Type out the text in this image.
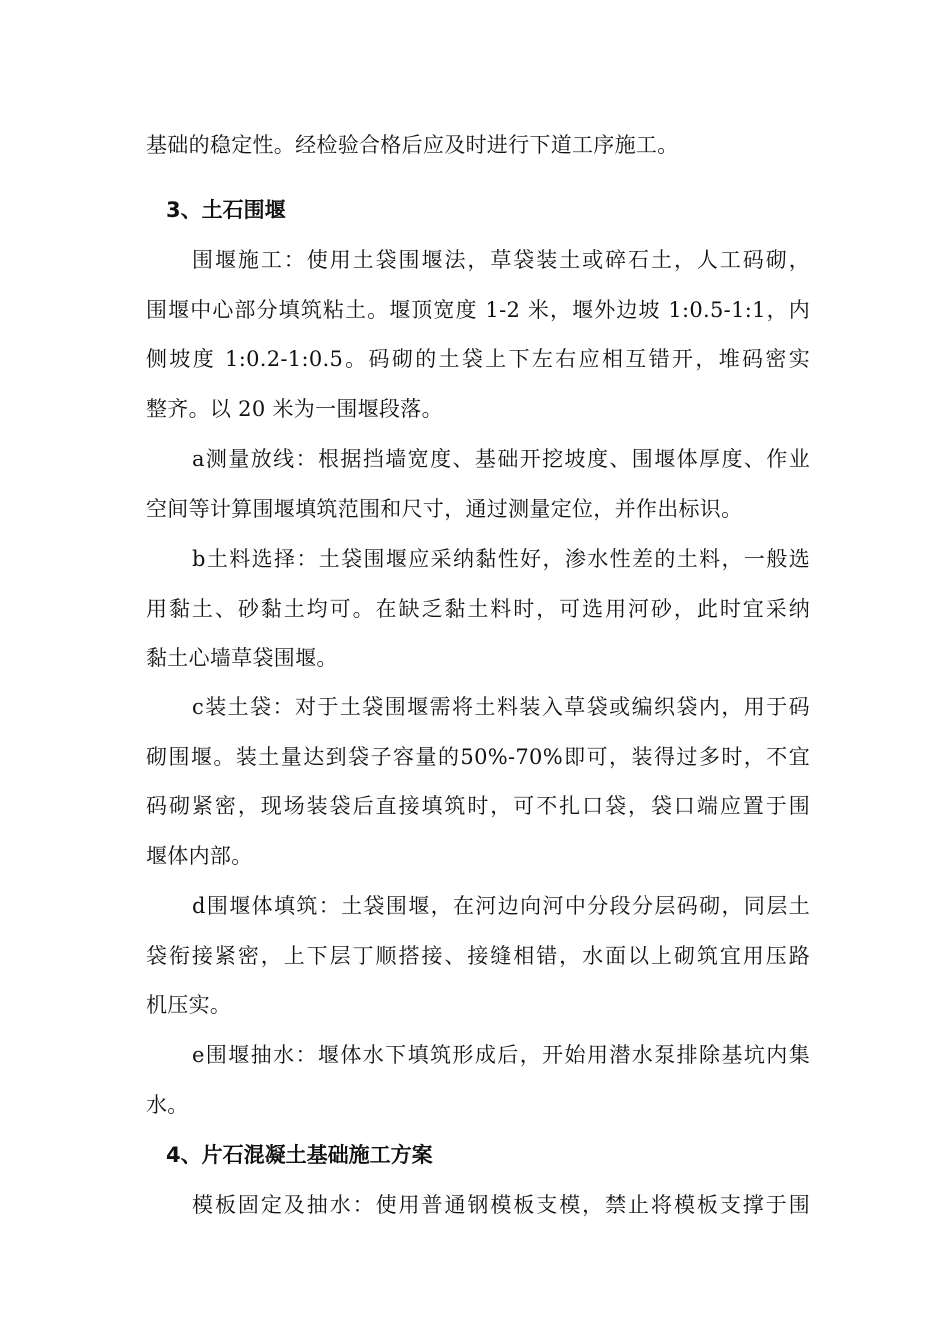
基础的稳定性。经检验合格后应及时进行下道工序施工。
3、土石围堰
围堰施工：使用土袋围堰法，草袋装土或碎石土，人工码砌，
围堰中心部分填筑粘土。堰顶宽度 1-2 米，堰外边坡 1:0.5-1:1，内
侧坡度 1:0.2-1:0.5。码砌的土袋上下左右应相互错开，堆码密实
整齐。以 20 米为一围堰段落。
a测量放线：根据挡墙宽度、基础开挖坡度、围堰体厚度、作业
空间等计算围堰填筑范围和尺寸，通过测量定位，并作出标识。
b土料选择：土袋围堰应采纳黏性好，渗水性差的土料，一般选
用黏土、砂黏土均可。在缺乏黏土料时，可选用河砂，此时宜采纳
黏土心墙草袋围堰。
c装土袋：对于土袋围堰需将土料装入草袋或编织袋内，用于码
砌围堰。装土量达到袋子容量的50%-70%即可，装得过多时，不宜
码砌紧密，现场装袋后直接填筑时，可不扎口袋，袋口端应置于围
堰体内部。
d围堰体填筑：土袋围堰，在河边向河中分段分层码砌，同层土
袋衔接紧密，上下层丁顺搭接、接缝相错，水面以上砌筑宜用压路
机压实。
e围堰抽水：堰体水下填筑形成后，开始用潜水泵排除基坑内集
水。
4、片石混凝土基础施工方案
模板固定及抽水：使用普通钢模板支模，禁止将模板支撑于围
